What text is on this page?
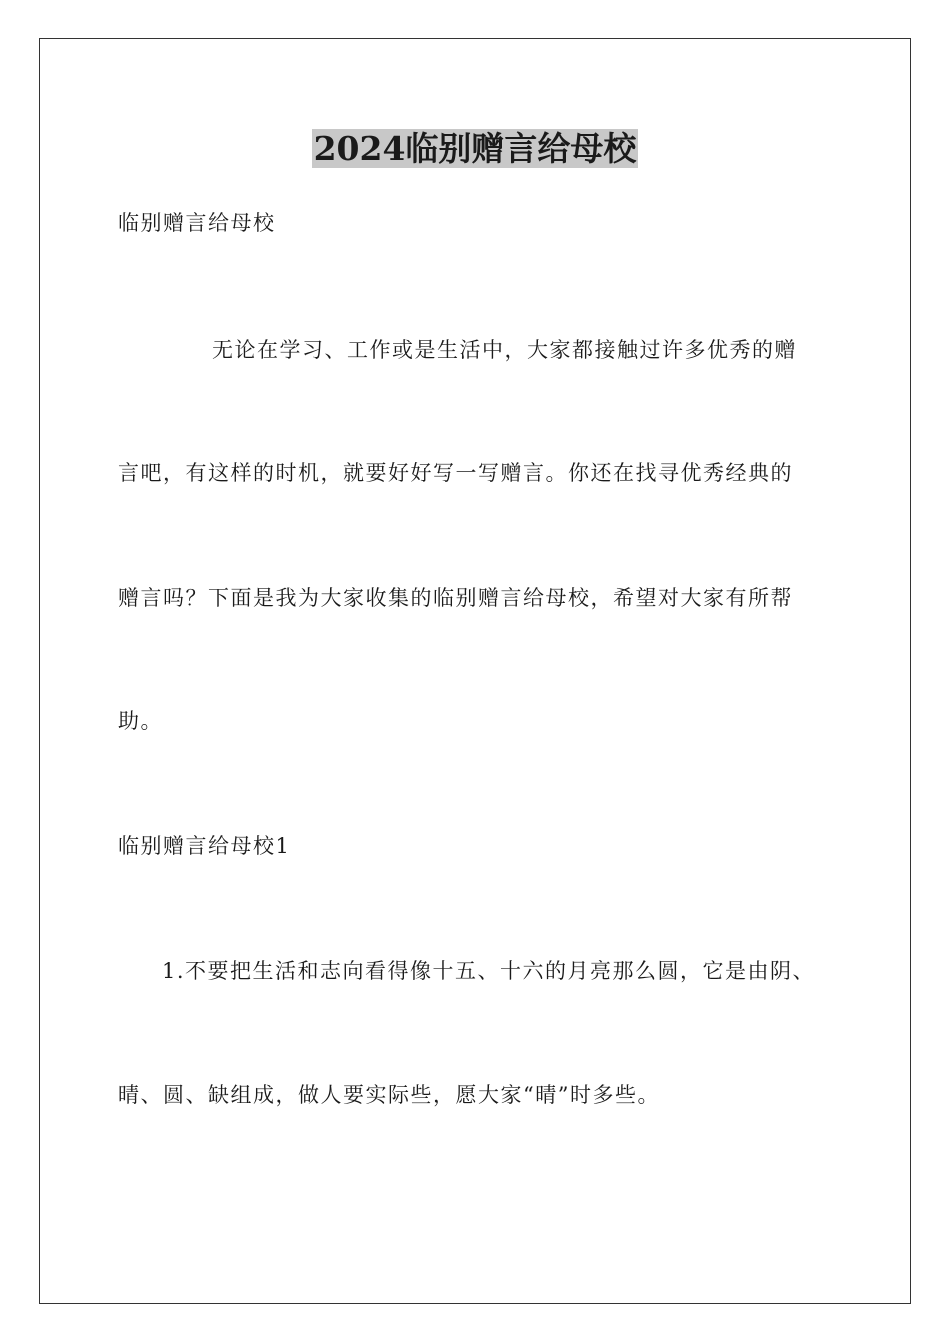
2024临别赠言给母校
临别赠言给母校
无论在学习、工作或是生活中，大家都接触过许多优秀的赠
言吧，有这样的时机，就要好好写一写赠言。你还在找寻优秀经典的
赠言吗？下面是我为大家收集的临别赠言给母校，希望对大家有所帮
助。
临别赠言给母校1
1.不要把生活和志向看得像十五、十六的月亮那么圆，它是由阴、
晴、圆、缺组成，做人要实际些，愿大家“晴”时多些。
